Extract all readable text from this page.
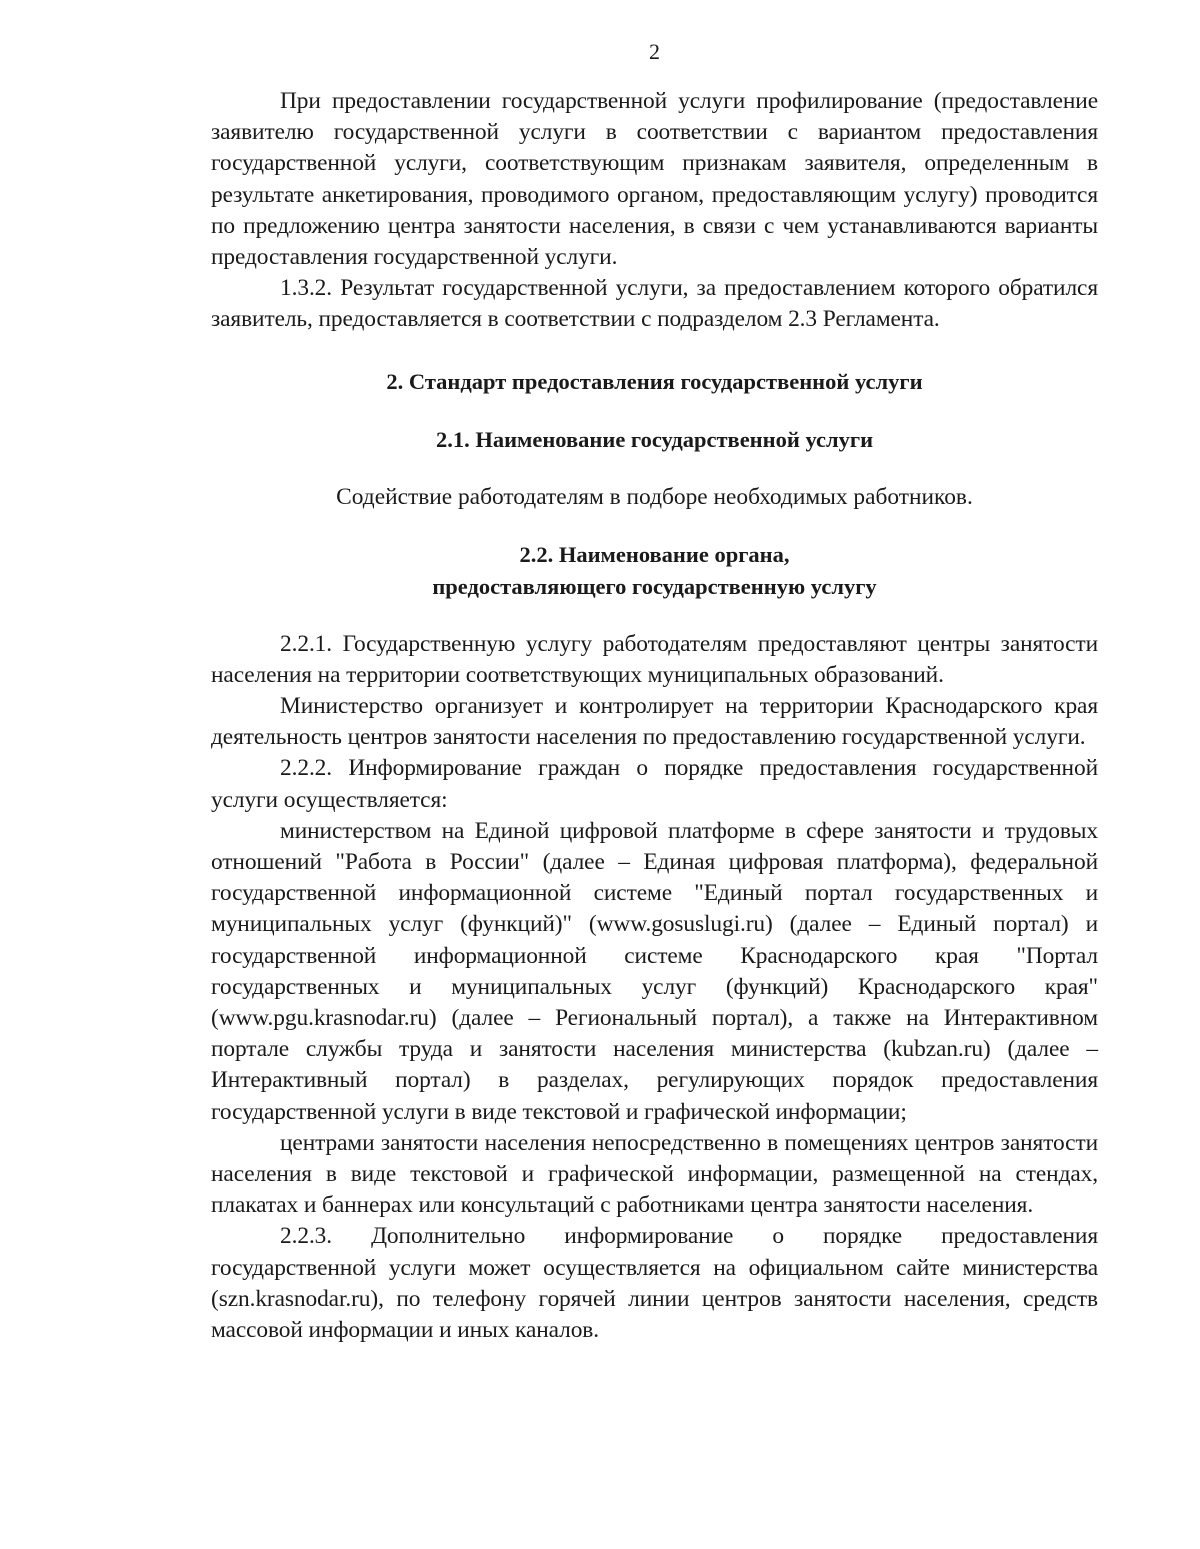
2

При предоставлении государственной услуги профилирование (предоставление заявителю государственной услуги в соответствии с вариантом предоставления государственной услуги, соответствующим признакам заявителя, определенным в результате анкетирования, проводимого органом, предоставляющим услугу) проводится по предложению центра занятости населения, в связи с чем устанавливаются варианты предоставления государственной услуги.

1.3.2. Результат государственной услуги, за предоставлением которого обратился заявитель, предоставляется в соответствии с подразделом 2.3 Регламента.

2. Стандарт предоставления государственной услуги

2.1. Наименование государственной услуги

Содействие работодателям в подборе необходимых работников.

2.2. Наименование органа,
предоставляющего государственную услугу

2.2.1. Государственную услугу работодателям предоставляют центры занятости населения на территории соответствующих муниципальных образований.

Министерство организует и контролирует на территории Краснодарского края деятельность центров занятости населения по предоставлению государственной услуги.

2.2.2. Информирование граждан о порядке предоставления государственной услуги осуществляется:

министерством на Единой цифровой платформе в сфере занятости и трудовых отношений "Работа в России" (далее – Единая цифровая платформа), федеральной государственной информационной системе "Единый портал государственных и муниципальных услуг (функций)" (www.gosuslugi.ru) (далее – Единый портал) и государственной информационной системе Краснодарского края "Портал государственных и муниципальных услуг (функций) Краснодарского края" (www.pgu.krasnodar.ru) (далее – Региональный портал), а также на Интерактивном портале службы труда и занятости населения министерства (kubzan.ru) (далее – Интерактивный портал) в разделах, регулирующих порядок предоставления государственной услуги в виде текстовой и графической информации;

центрами занятости населения непосредственно в помещениях центров занятости населения в виде текстовой и графической информации, размещенной на стендах, плакатах и баннерах или консультаций с работниками центра занятости населения.

2.2.3. Дополнительно информирование о порядке предоставления государственной услуги может осуществляется на официальном сайте министерства (szn.krasnodar.ru), по телефону горячей линии центров занятости населения, средств массовой информации и иных каналов.
